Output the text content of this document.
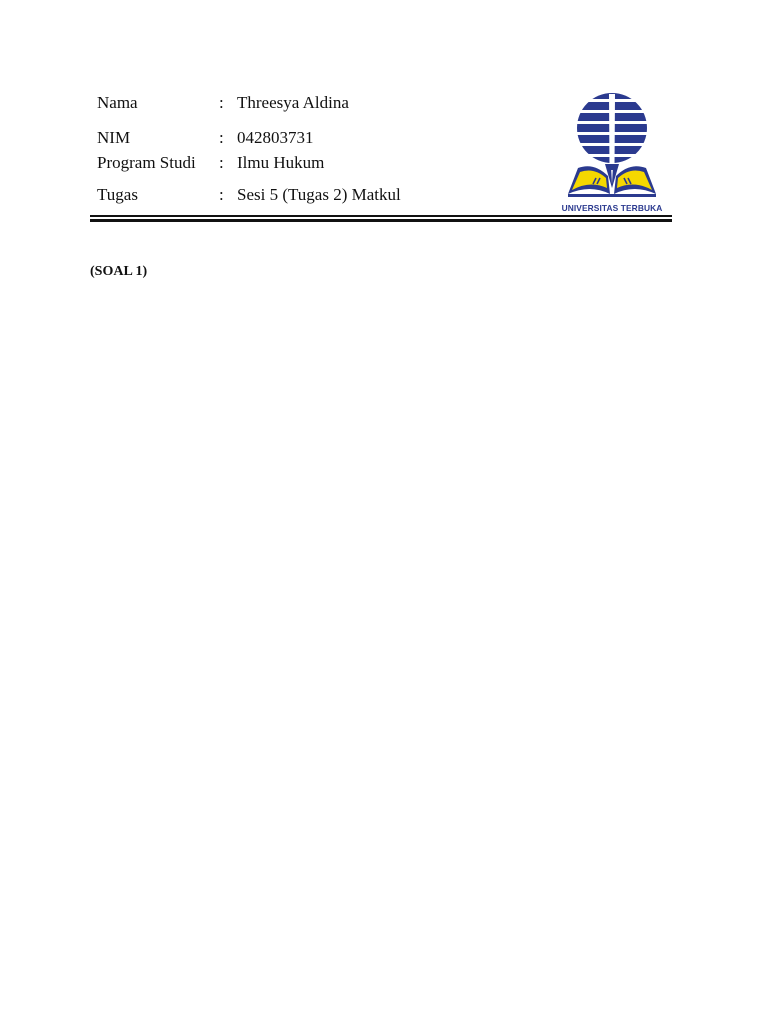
Nama	: Threesya Aldina
NIM	: 042803731
Program Studi : Ilmu Hukum
Tugas	: Sesi 5 (Tugas 2) Matkul
UNIVERSITAS TERBUKA
(SOAL 1)
